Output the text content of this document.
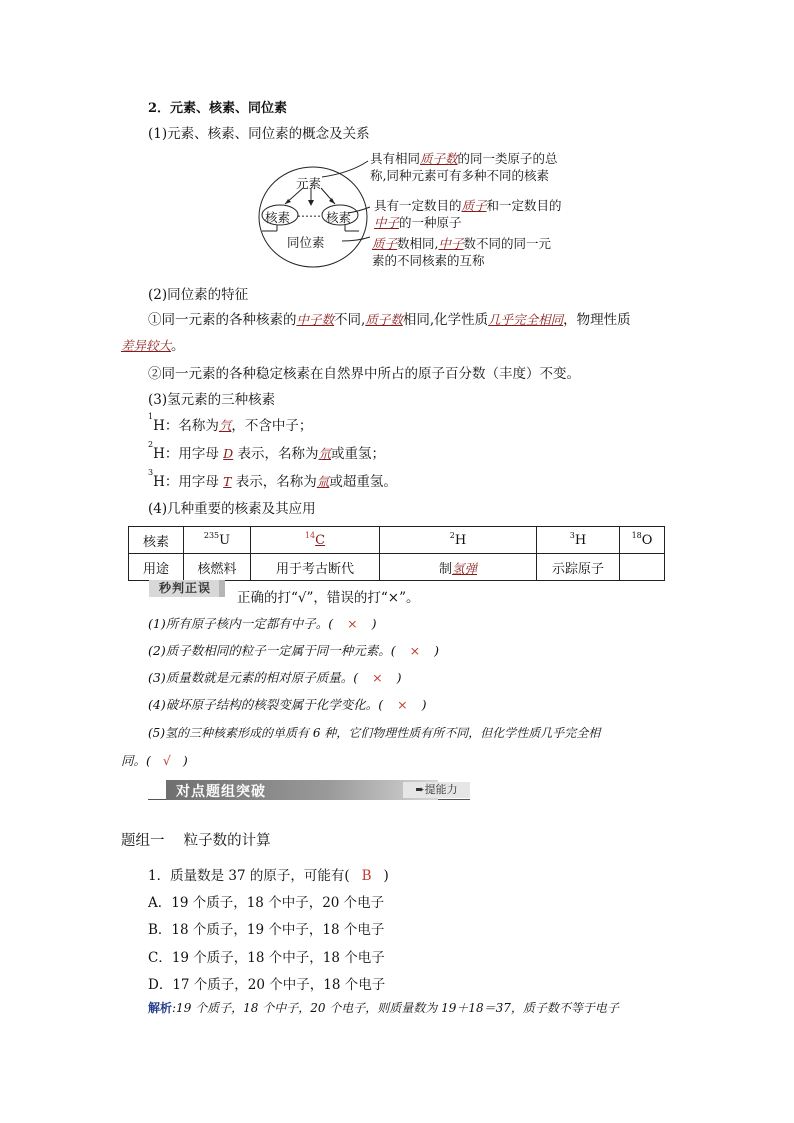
2．元素、核素、同位素
(1)元素、核素、同位素的概念及关系
元素
核素 …… 核素
同位素
具有相同质子数的同一类原子的总
称,同种元素可有多种不同的核素
具有一定数目的质子和一定数目的
中子的一种原子
质子数相同,中子数不同的同一元
素的不同核素的互称
(2)同位素的特征
①同一元素的各种核素的中子数不同,质子数相同,化学性质几乎完全相同，物理性质
差异较大。
②同一元素的各种稳定核素在自然界中所占的原子百分数（丰度）不变。
(3)氢元素的三种核素
$^1$H：名称为氕，不含中子；
$^2$H：用字母 D 表示，名称为氘或重氢；
$^3$H：用字母 T 表示，名称为氚或超重氢。
(4)几种重要的核素及其应用
核素	$^{235}$U	$^{14}$C	$^2$H	$^3$H	$^{18}$O
用途	核燃料	用于考古断代	制氢弹	示踪原子	
秒判正误
正确的打“√”，错误的打“×”。
(1)所有原子核内一定都有中子。( × )
(2)质子数相同的粒子一定属于同一种元素。( × )
(3)质量数就是元素的相对原子质量。( × )
(4)破坏原子结构的核裂变属于化学变化。( × )
(5)氢的三种核素形成的单质有 6 种，它们物理性质有所不同，但化学性质几乎完全相
同。( √ )
对点题组突破	➨提能力
题组一　 粒子数的计算
1．质量数是 37 的原子，可能有( B )
A．19 个质子，18 个中子，20 个电子
B．18 个质子，19 个中子，18 个电子
C．19 个质子，18 个中子，18 个电子
D．17 个质子，20 个中子，18 个电子
解析:19 个质子，18 个中子，20 个电子，则质量数为 19＋18＝37，质子数不等于电子
